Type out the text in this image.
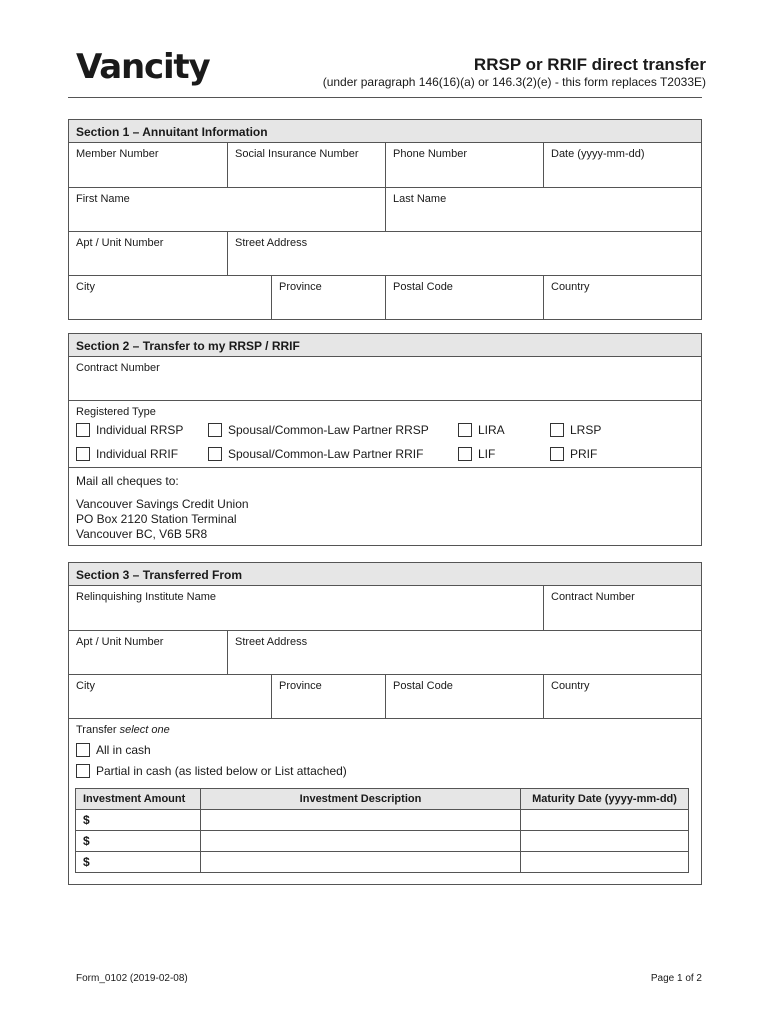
Vancity	RRSP or RRIF direct transfer
(under paragraph 146(16)(a) or 146.3(2)(e) - this form replaces T2033E)
Section 1 – Annuitant Information
Member Number	Social Insurance Number	Phone Number	Date (yyyy-mm-dd)
First Name	Last Name
Apt / Unit Number	Street Address
City	Province	Postal Code	Country
Section 2 – Transfer to my RRSP / RRIF
Contract Number
Registered Type
Individual RRSP	Spousal/Common-Law Partner RRSP	LIRA	LRSP
Individual RRIF	Spousal/Common-Law Partner RRIF	LIF	PRIF
Mail all cheques to:
Vancouver Savings Credit Union
PO Box 2120 Station Terminal
Vancouver BC, V6B 5R8
Section 3 – Transferred From
Relinquishing Institute Name	Contract Number
Apt / Unit Number	Street Address
City	Province	Postal Code	Country
Transfer select one
All in cash
Partial in cash (as listed below or List attached)
Investment Amount	Investment Description	Maturity Date (yyyy-mm-dd)
$		
$		
$		
Form_0102 (2019-02-08)	Page 1 of 2
